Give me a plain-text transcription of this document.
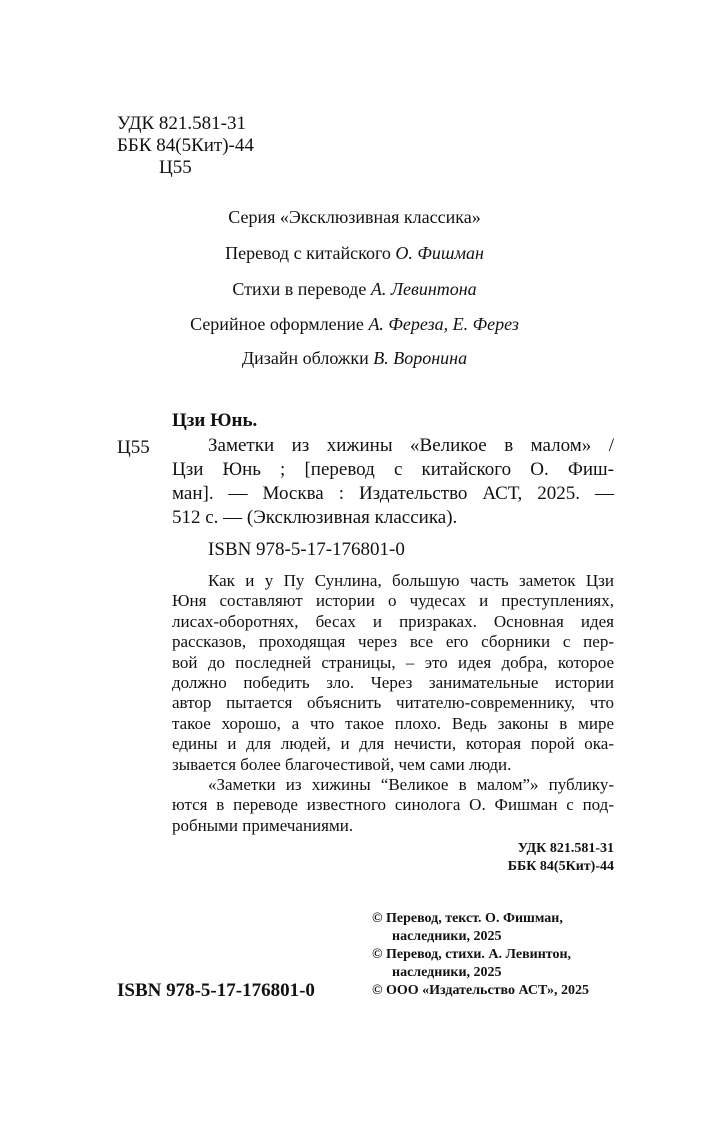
УДК 821.581-31
ББК 84(5Кит)-44
Ц55
Серия «Эксклюзивная классика»
Перевод с китайского О. Фишман
Стихи в переводе А. Левинтона
Серийное оформление А. Фереза, Е. Ферез
Дизайн обложки В. Воронина
Цзи Юнь.
Ц55	Заметки из хижины «Великое в малом» /
Цзи Юнь ; [перевод с китайского О. Фиш-
ман]. — Москва : Издательство АСТ, 2025. —
512 с. — (Эксклюзивная классика).
ISBN 978-5-17-176801-0
Как и у Пу Сунлина, большую часть заметок Цзи
Юня составляют истории о чудесах и преступлениях,
лисах-оборотнях, бесах и призраках. Основная идея
рассказов, проходящая через все его сборники с пер-
вой до последней страницы, – это идея добра, которое
должно победить зло. Через занимательные истории
автор пытается объяснить читателю-современнику, что
такое хорошо, а что такое плохо. Ведь законы в мире
едины и для людей, и для нечисти, которая порой ока-
зывается более благочестивой, чем сами люди.
«Заметки из хижины “Великое в малом”» публику-
ются в переводе известного синолога О. Фишман с под-
робными примечаниями.
УДК 821.581-31
ББК 84(5Кит)-44
ISBN 978-5-17-176801-0
© Перевод, текст. О. Фишман,
наследники, 2025
© Перевод, стихи. А. Левинтон,
наследники, 2025
© ООО «Издательство АСТ», 2025
